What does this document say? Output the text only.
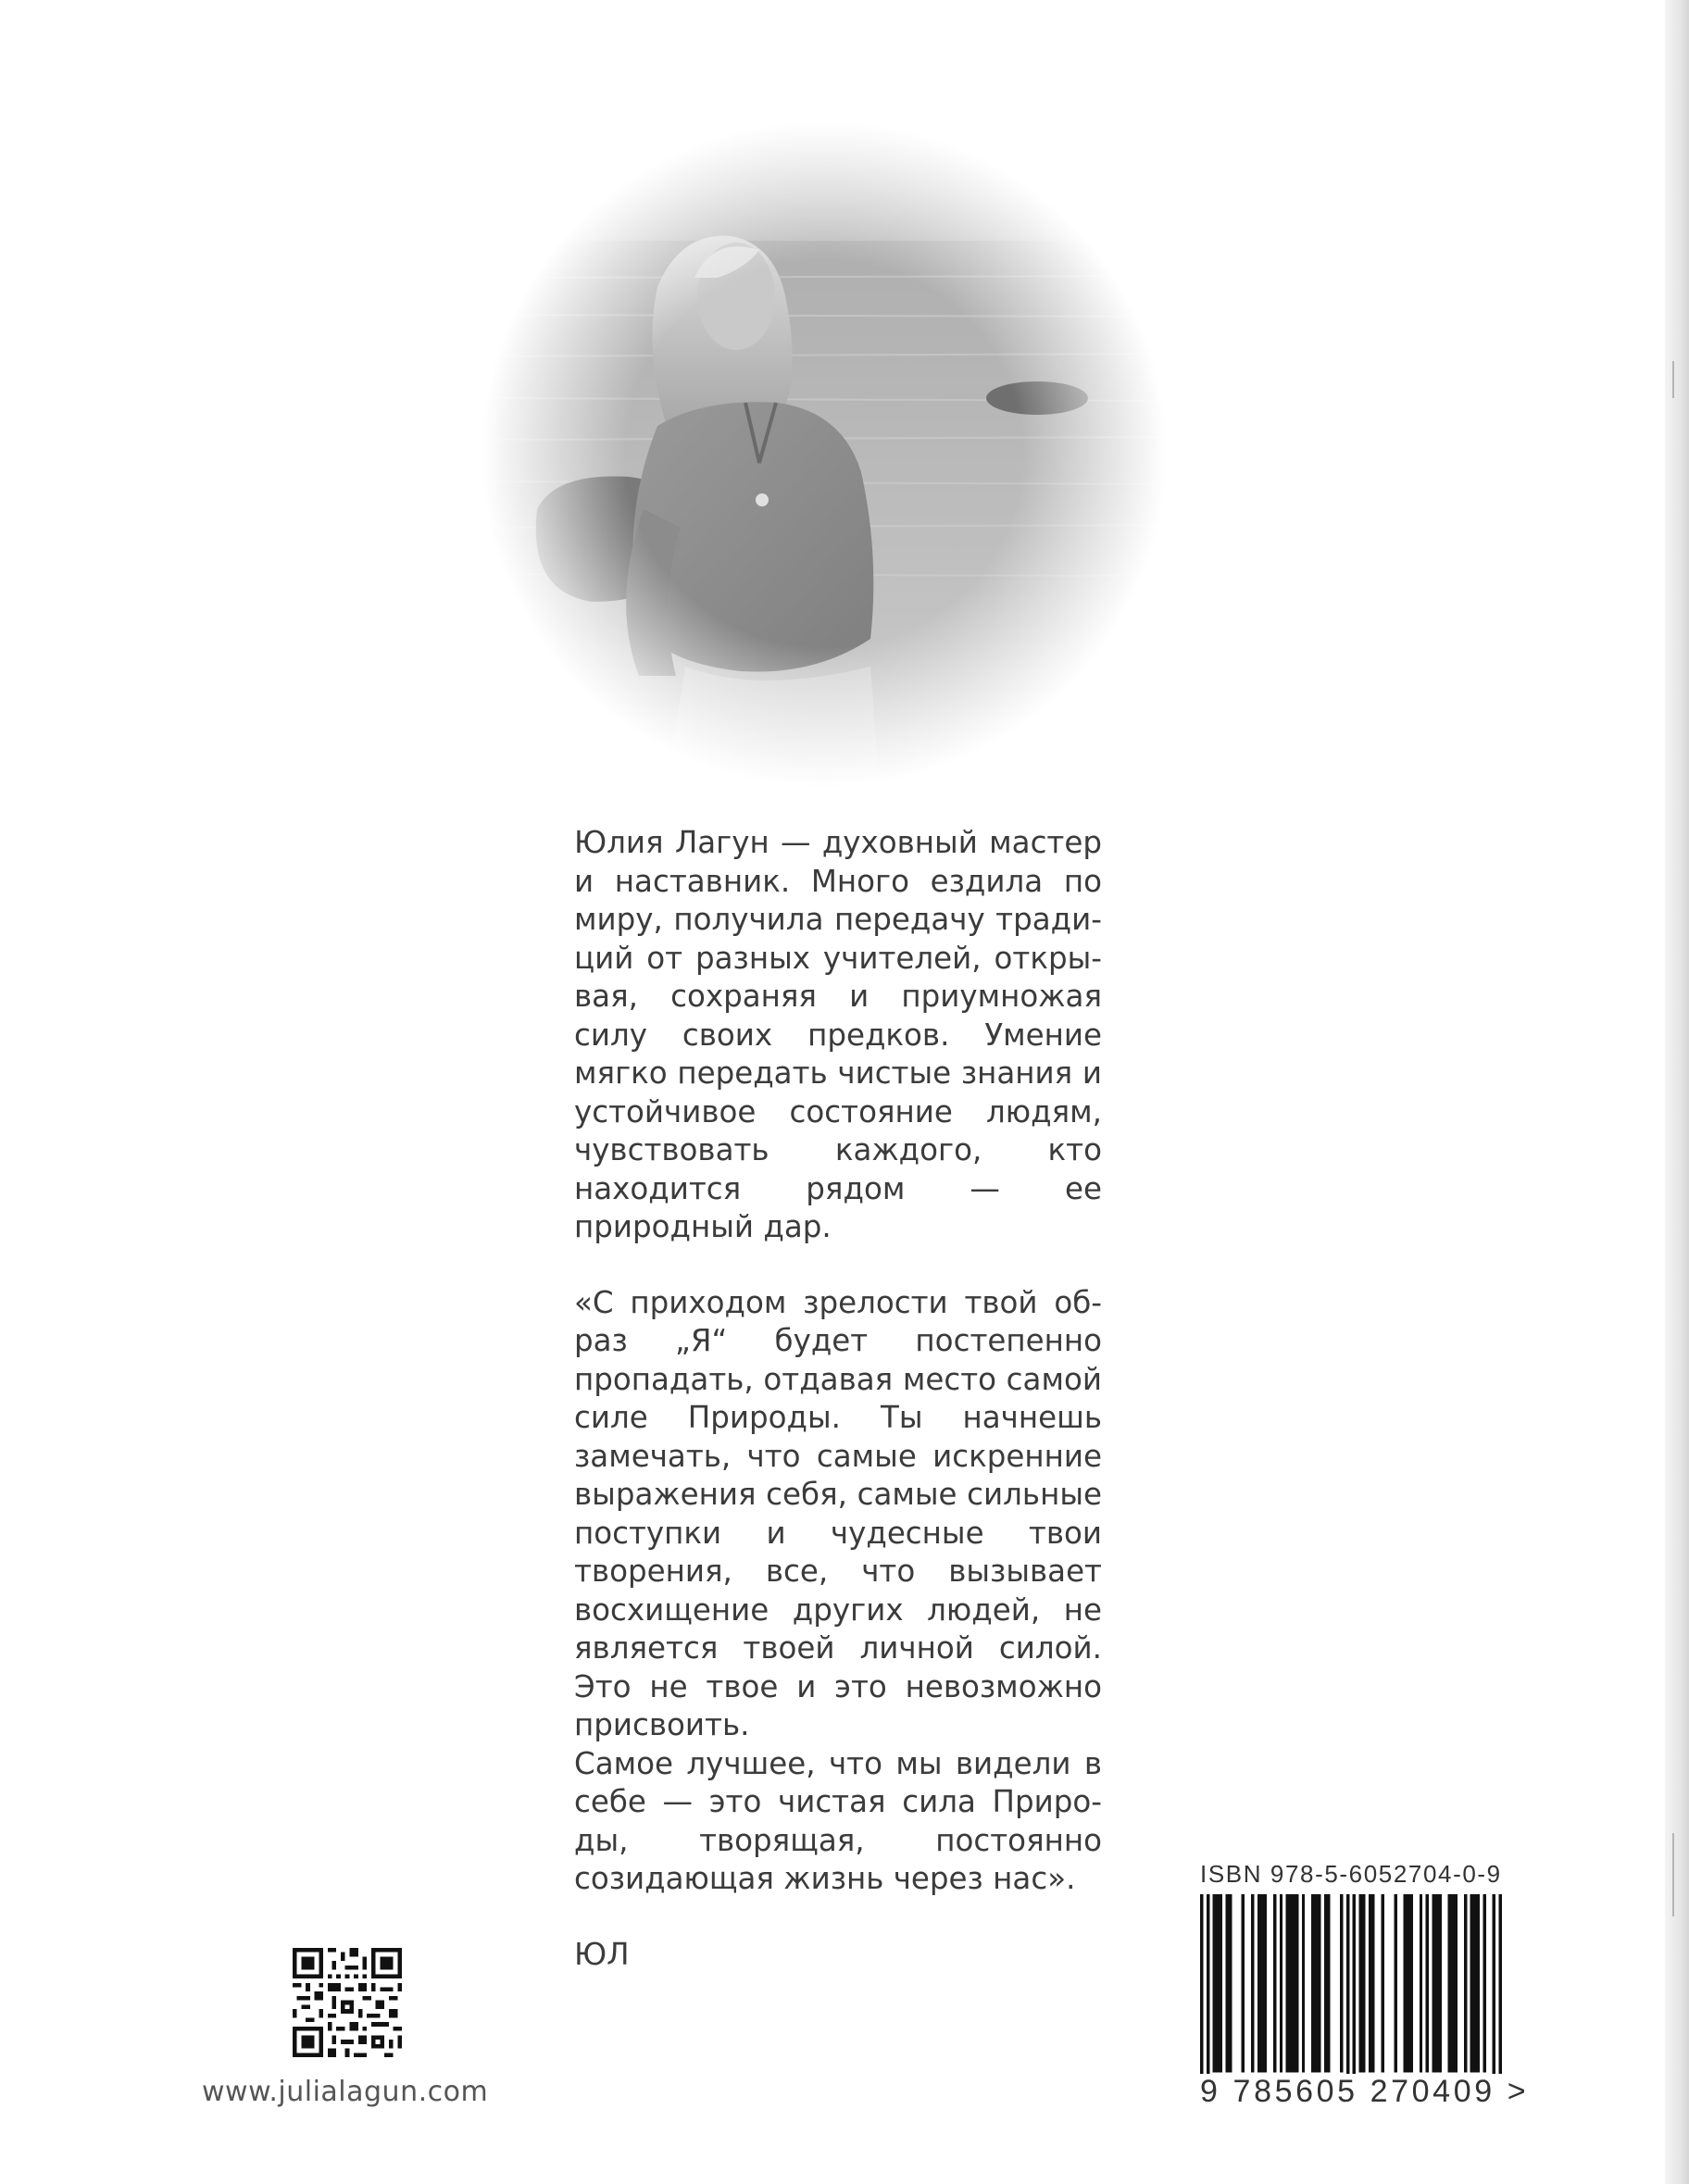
Юлия Лагун — духовный мастер и наставник. Много ездила по миру, получила передачу традиций от разных учителей, открывая, сохраняя и приумножая силу своих предков. Умение мягко передать чистые знания и устойчивое состояние людям, чувствовать каждого, кто находится рядом — ее природный дар.

«С приходом зрелости твой образ „Я“ будет постепенно пропадать, отдавая место самой силе Природы. Ты начнешь замечать, что самые искренние выражения себя, самые сильные поступки и чудесные твои творения, все, что вызывает восхищение других людей, не является твоей личной силой. Это не твое и это невозможно присвоить.

Самое лучшее, что мы видели в себе — это чистая сила Природы, творящая, постоянно созидающая жизнь через нас».

ЮЛ
www.julialagun.com
ISBN 978-5-6052704-0-9
9 785605 270409 >
